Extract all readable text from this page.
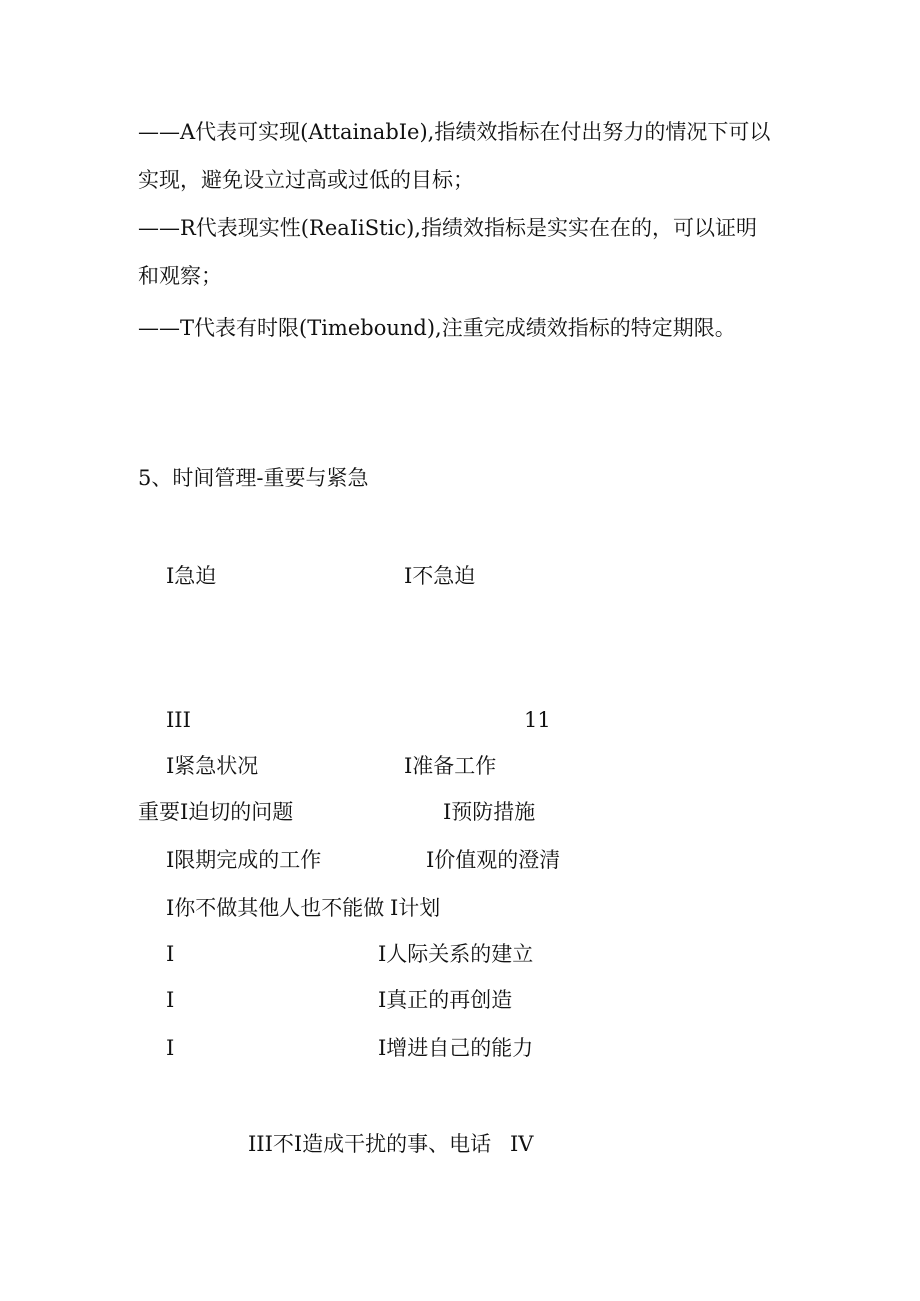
——A代表可实现(AttainabIe),指绩效指标在付出努力的情况下可以
实现，避免设立过高或过低的目标；
——R代表现实性(ReaIiStic),指绩效指标是实实在在的，可以证明
和观察；
——T代表有时限(Timebound),注重完成绩效指标的特定期限。
5、时间管理-重要与紧急
I急迫	I不急迫
III	11
I紧急状况	I准备工作
重要 I迫切的问题	I预防措施
I限期完成的工作	I价值观的澄清
I你不做其他人也不能做 I计划
I	I人际关系的建立
I	I真正的再创造
I	I增进自己的能力
III不I造成干扰的事、电话 IV
